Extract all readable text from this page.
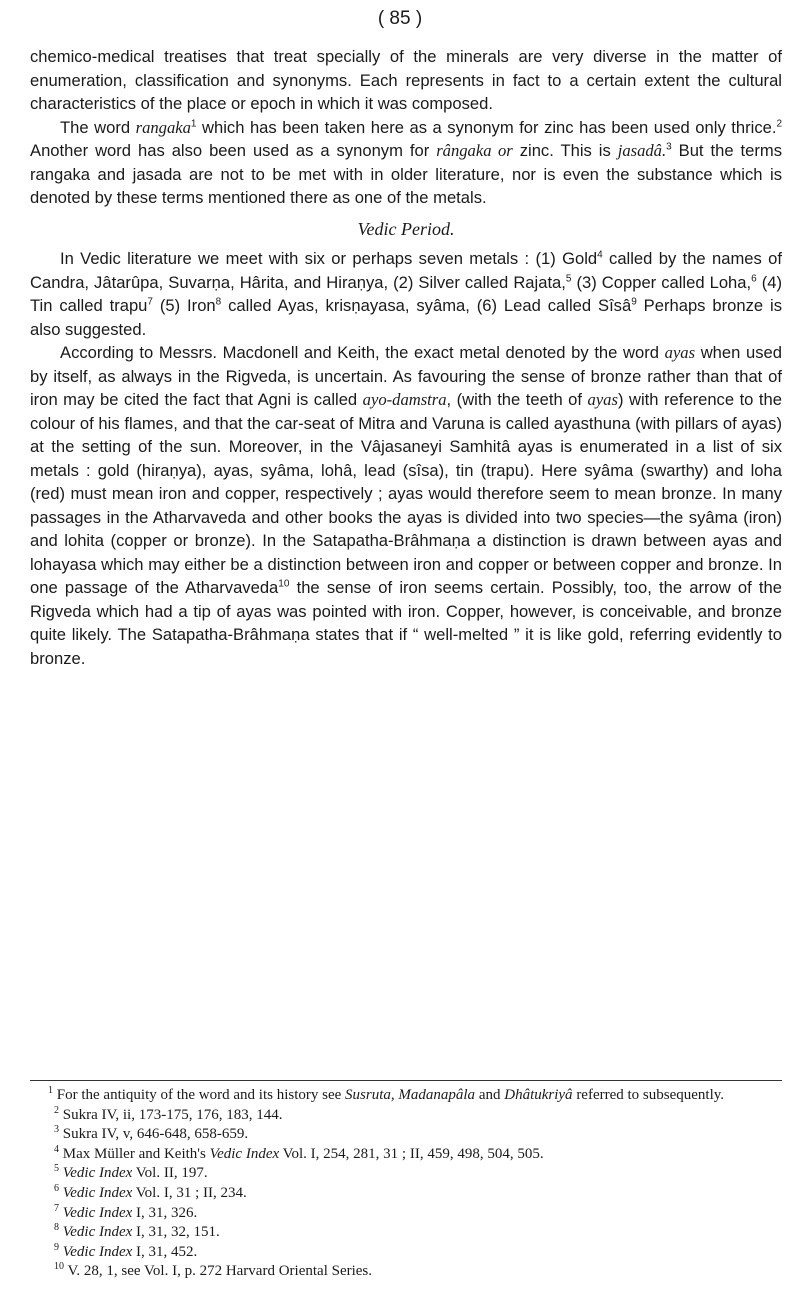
( 85 )

chemico-medical treatises that treat specially of the minerals are very diverse in the matter of enumeration, classification and synonyms. Each represents in fact to a certain extent the cultural characteristics of the place or epoch in which it was composed.

The word rangaka$^1$ which has been taken here as a synonym for zinc has been used only thrice.$^2$ Another word has also been used as a synonym for rângaka or zinc. This is jasadâ.$^3$ But the terms rangaka and jasada are not to be met with in older literature, nor is even the substance which is denoted by these terms mentioned there as one of the metals.

Vedic Period.

In Vedic literature we meet with six or perhaps seven metals : (1) Gold$^4$ called by the names of Candra, Jâtarûpa, Suvarṇa, Hârita, and Hiraṇya, (2) Silver called Rajata,$^5$ (3) Copper called Loha,$^6$ (4) Tin called trapu$^7$ (5) Iron$^8$ called Ayas, krisṇayasa, syâma, (6) Lead called Sîsâ$^9$ Perhaps bronze is also suggested.

According to Messrs. Macdonell and Keith, the exact metal denoted by the word ayas when used by itself, as always in the Rigveda, is uncertain. As favouring the sense of bronze rather than that of iron may be cited the fact that Agni is called ayo-damstra, (with the teeth of ayas) with reference to the colour of his flames, and that the car-seat of Mitra and Varuna is called ayasthuna (with pillars of ayas) at the setting of the sun. Moreover, in the Vâjasaneyi Samhitâ ayas is enumerated in a list of six metals : gold (hiraṇya), ayas, syâma, lohâ, lead (sîsa), tin (trapu). Here syâma (swarthy) and loha (red) must mean iron and copper, respectively ; ayas would therefore seem to mean bronze. In many passages in the Atharvaveda and other books the ayas is divided into two species—the syâma (iron) and lohita (copper or bronze). In the Satapatha-Brâhmaṇa a distinction is drawn between ayas and lohayasa which may either be a distinction between iron and copper or between copper and bronze. In one passage of the Atharvaveda$^{10}$ the sense of iron seems certain. Possibly, too, the arrow of the Rigveda which had a tip of ayas was pointed with iron. Copper, however, is conceivable, and bronze quite likely. The Satapatha-Brâhmaṇa states that if “ well-melted ” it is like gold, referring evidently to bronze.

$^1$ For the antiquity of the word and its history see Susruta, Madanapâla and Dhâtukriyâ referred to subsequently.

$^2$ Sukra IV, ii, 173-175, 176, 183, 144.

$^3$ Sukra IV, v, 646-648, 658-659.

$^4$ Max Müller and Keith's Vedic Index Vol. I, 254, 281, 31 ; II, 459, 498, 504, 505.

$^5$ Vedic Index Vol. II, 197.

$^6$ Vedic Index Vol. I, 31 ; II, 234.

$^7$ Vedic Index I, 31, 326.

$^8$ Vedic Index I, 31, 32, 151.

$^9$ Vedic Index I, 31, 452.

$^{10}$ V. 28, 1, see Vol. I, p. 272 Harvard Oriental Series.
